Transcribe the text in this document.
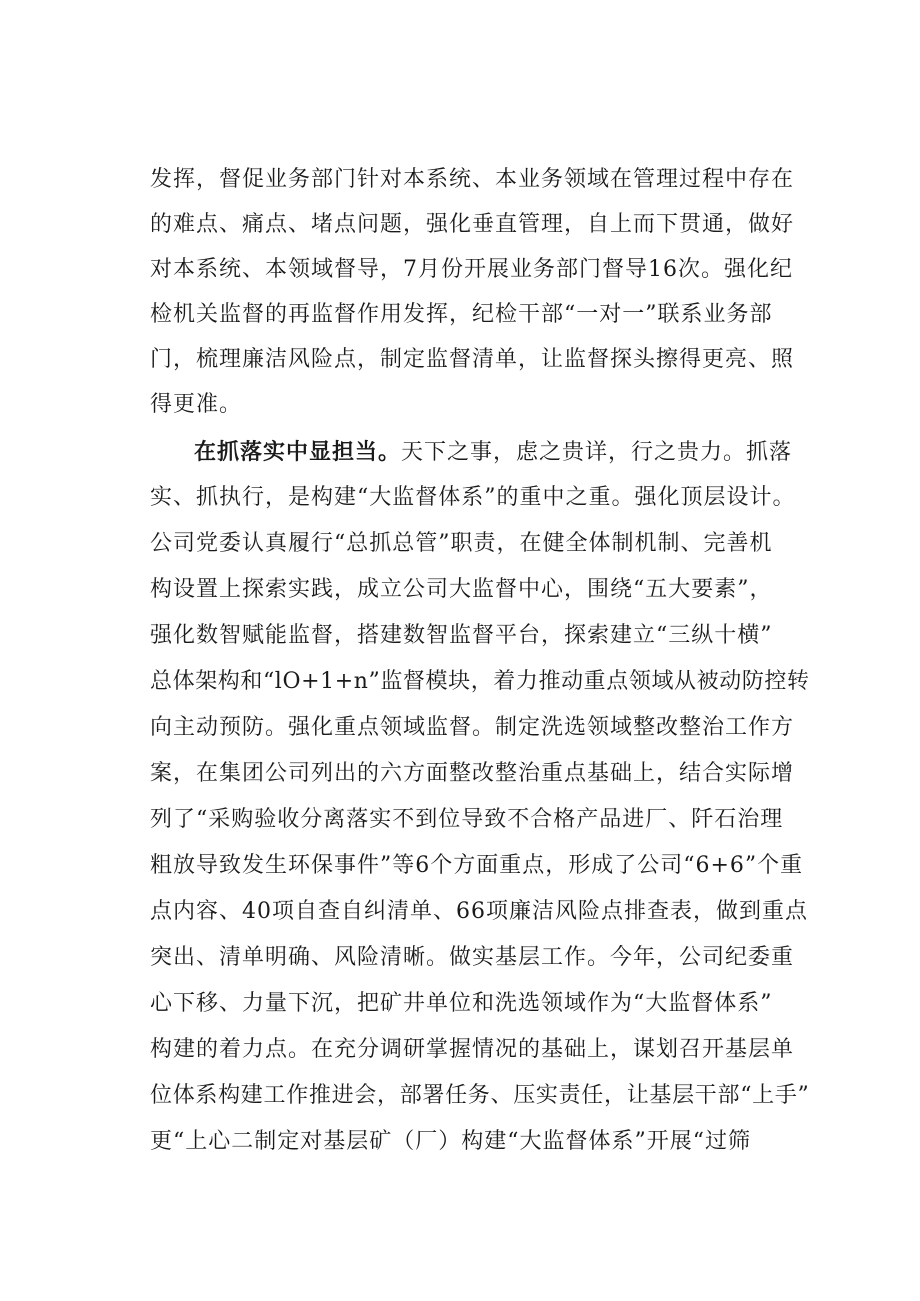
发挥，督促业务部门针对本系统、本业务领域在管理过程中存在
的难点、痛点、堵点问题，强化垂直管理，自上而下贯通，做好
对本系统、本领域督导，7月份开展业务部门督导16次。强化纪
检机关监督的再监督作用发挥，纪检干部“一对一”联系业务部
门，梳理廉洁风险点，制定监督清单，让监督探头擦得更亮、照
得更准。
在抓落实中显担当。天下之事，虑之贵详，行之贵力。抓落
实、抓执行，是构建“大监督体系”的重中之重。强化顶层设计。
公司党委认真履行“总抓总管”职责，在健全体制机制、完善机
构设置上探索实践，成立公司大监督中心，围绕“五大要素”，
强化数智赋能监督，搭建数智监督平台，探索建立“三纵十横”
总体架构和“lO+1+n”监督模块，着力推动重点领域从被动防控转
向主动预防。强化重点领域监督。制定洗选领域整改整治工作方
案，在集团公司列出的六方面整改整治重点基础上，结合实际增
列了“采购验收分离落实不到位导致不合格产品进厂、阡石治理
粗放导致发生环保事件”等6个方面重点，形成了公司“6+6”个重
点内容、40项自查自纠清单、66项廉洁风险点排查表，做到重点
突出、清单明确、风险清晰。做实基层工作。今年，公司纪委重
心下移、力量下沉，把矿井单位和洗选领域作为“大监督体系”
构建的着力点。在充分调研掌握情况的基础上，谋划召开基层单
位体系构建工作推进会，部署任务、压实责任，让基层干部“上手”
更“上心二制定对基层矿（厂）构建“大监督体系”开展“过筛
